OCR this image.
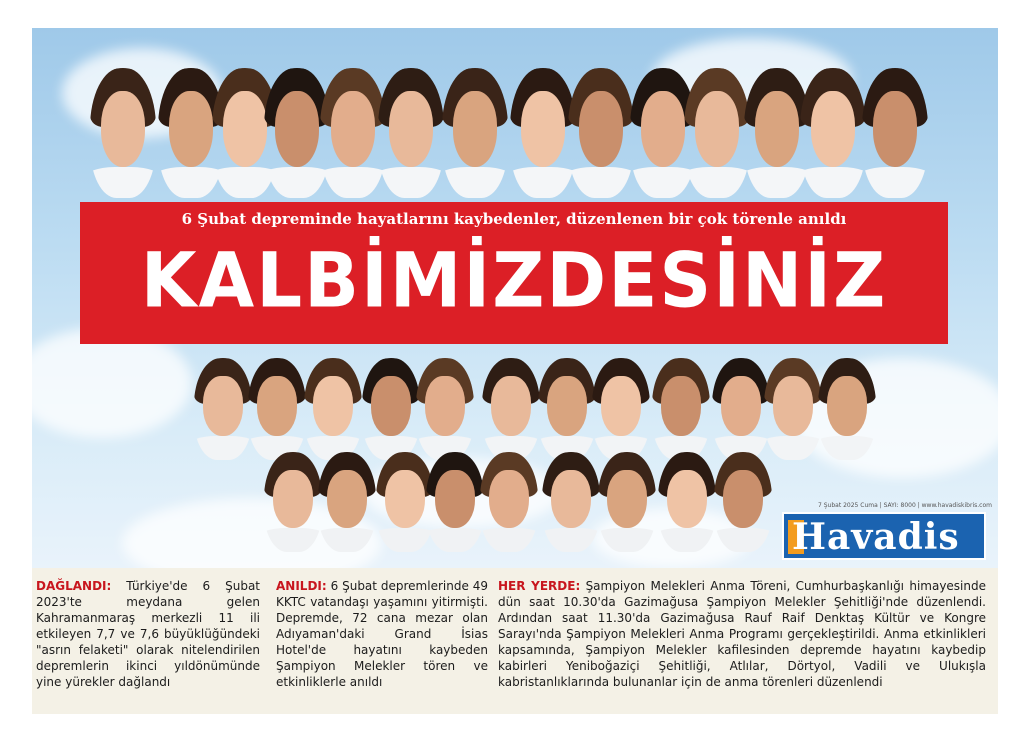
6 Şubat depreminde hayatlarını kaybedenler, düzenlenen bir çok törenle anıldı
KALBİMİZDESİNİZ
7 Şubat 2025 Cuma | SAYI: 8000 | www.havadiskibris.com
Havadis

DAĞLANDI: Türkiye'de 6 Şubat 2023'te meydana gelen Kahramanmaraş merkezli 11 ili etkileyen 7,7 ve 7,6 büyüklüğündeki "asrın felaketi" olarak nitelendirilen depremlerin ikinci yıldönümünde yine yürekler dağlandı

ANILDI: 6 Şubat depremlerinde 49 KKTC vatandaşı yaşamını yitirmişti. Depremde, 72 cana mezar olan Adıyaman'daki Grand İsias Hotel'de hayatını kaybeden Şampiyon Melekler tören ve etkinliklerle anıldı

HER YERDE: Şampiyon Melekleri Anma Töreni, Cumhurbaşkanlığı himayesinde dün saat 10.30'da Gazimağusa Şampiyon Melekler Şehitliği'nde düzenlendi. Ardından saat 11.30'da Gazimağusa Rauf Raif Denktaş Kültür ve Kongre Sarayı'nda Şampiyon Melekleri Anma Programı gerçekleştirildi. Anma etkinlikleri kapsamında, Şampiyon Melekler kafilesinden depremde hayatını kaybedip kabirleri Yeniboğaziçi Şehitliği, Atlılar, Dörtyol, Vadili ve Ulukışla kabristanlıklarında bulunanlar için de anma törenleri düzenlendi
